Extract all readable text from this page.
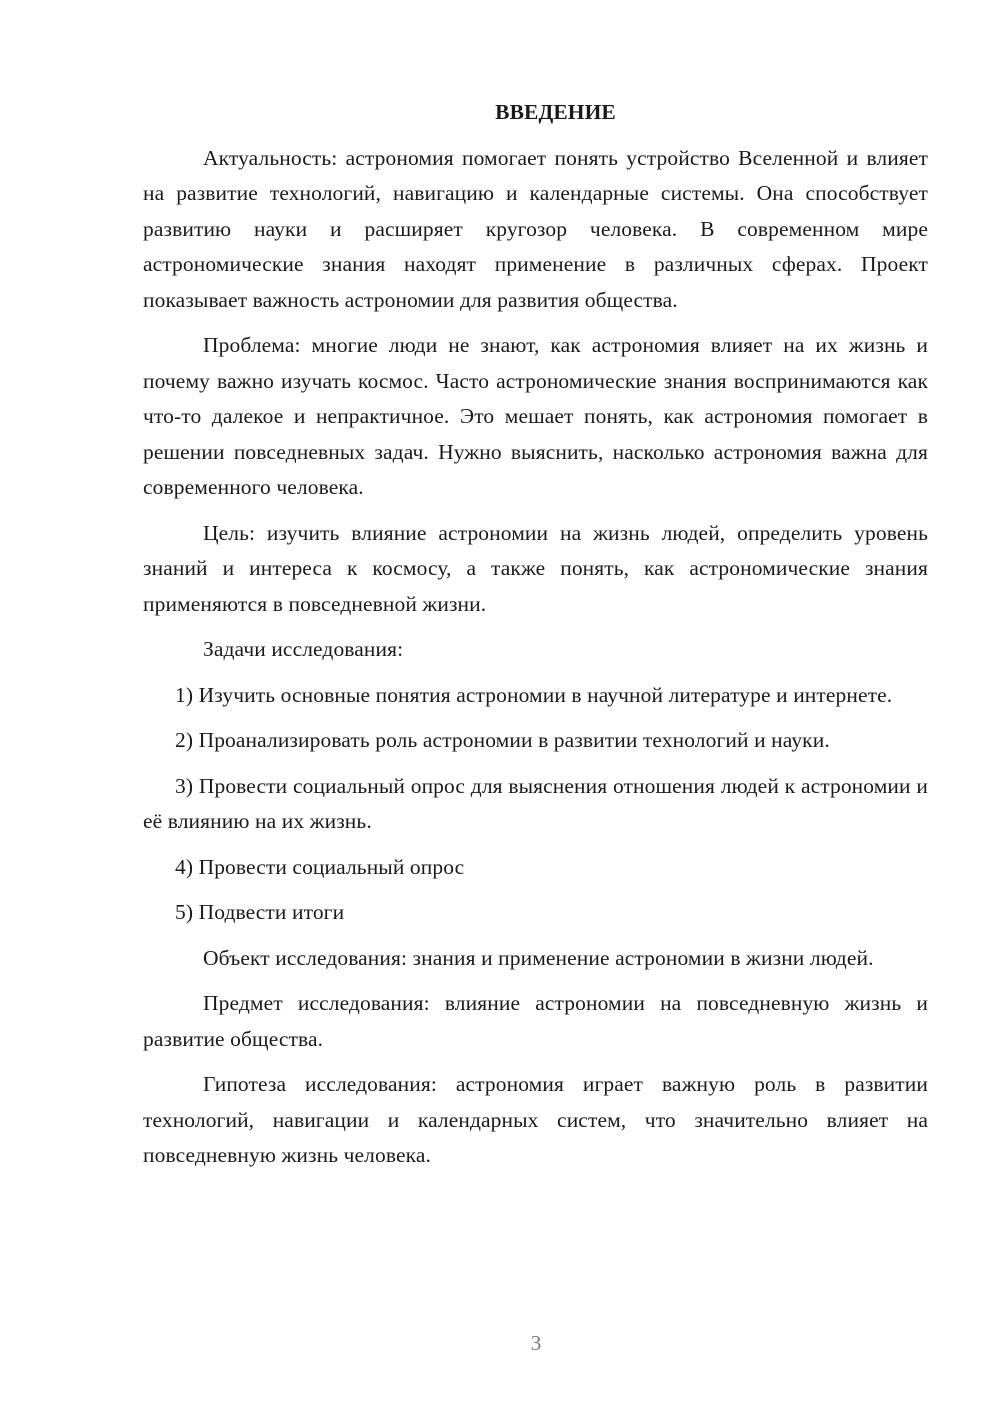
ВВЕДЕНИЕ

Актуальность: астрономия помогает понять устройство Вселенной и влияет на развитие технологий, навигацию и календарные системы. Она способствует развитию науки и расширяет кругозор человека. В современном мире астрономические знания находят применение в различных сферах. Проект показывает важность астрономии для развития общества.

Проблема: многие люди не знают, как астрономия влияет на их жизнь и почему важно изучать космос. Часто астрономические знания воспринимаются как что-то далекое и непрактичное. Это мешает понять, как астрономия помогает в решении повседневных задач. Нужно выяснить, насколько астрономия важна для современного человека.

Цель: изучить влияние астрономии на жизнь людей, определить уровень знаний и интереса к космосу, а также понять, как астрономические знания применяются в повседневной жизни.

Задачи исследования:

1) Изучить основные понятия астрономии в научной литературе и интернете.

2) Проанализировать роль астрономии в развитии технологий и науки.

3) Провести социальный опрос для выяснения отношения людей к астрономии и её влиянию на их жизнь.

4) Провести социальный опрос

5) Подвести итоги

Объект исследования: знания и применение астрономии в жизни людей.

Предмет исследования: влияние астрономии на повседневную жизнь и развитие общества.

Гипотеза исследования: астрономия играет важную роль в развитии технологий, навигации и календарных систем, что значительно влияет на повседневную жизнь человека.

3
